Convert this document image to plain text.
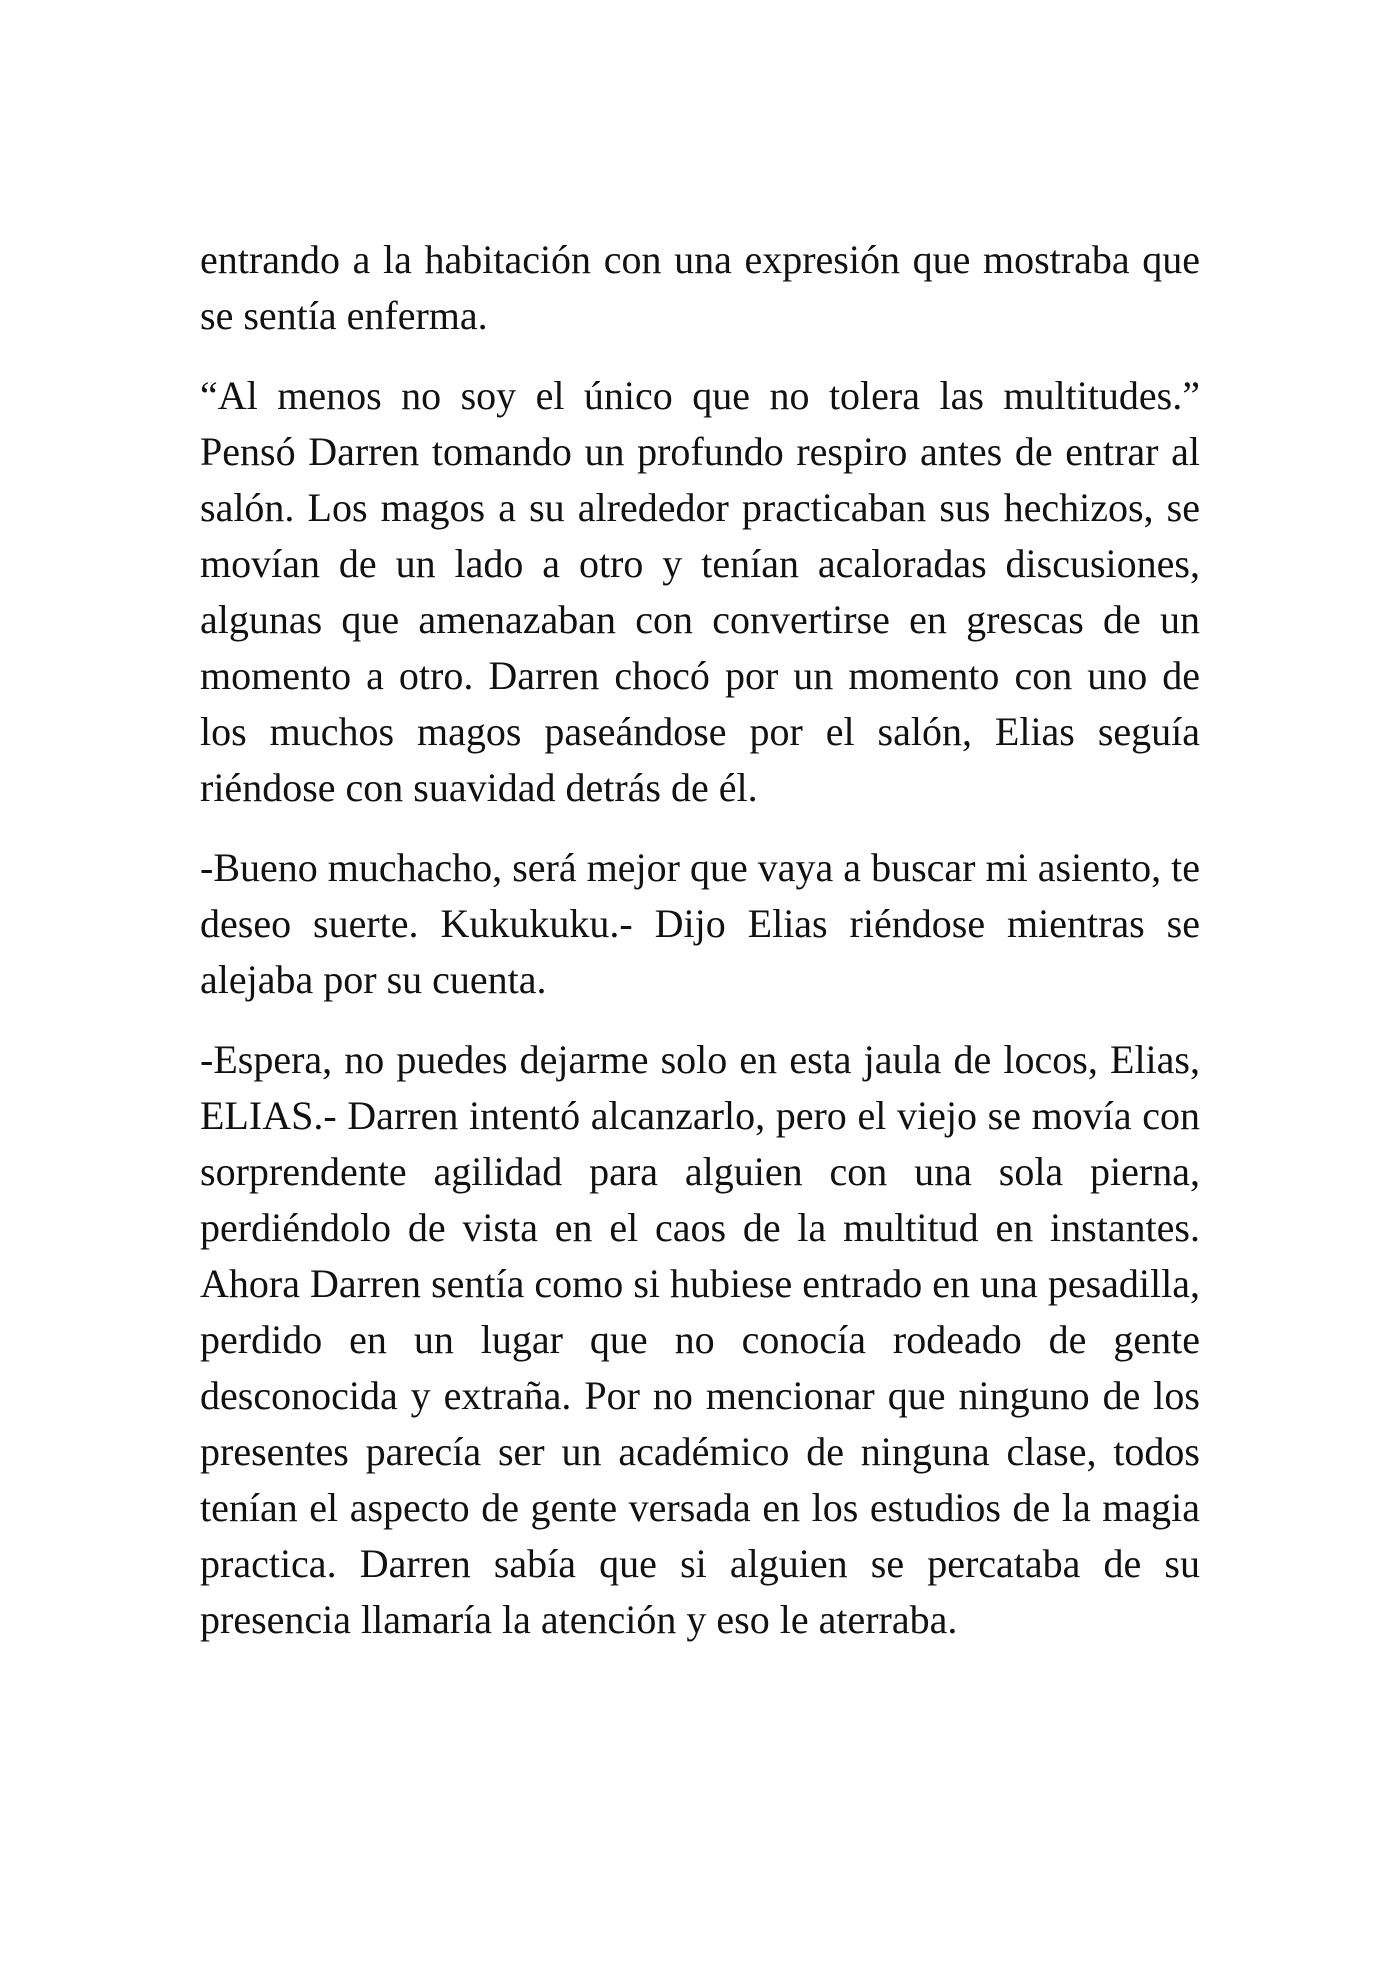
entrando a la habitación con una expresión que mostraba que se sentía enferma.

“Al menos no soy el único que no tolera las multitudes.” Pensó Darren tomando un profundo respiro antes de entrar al salón. Los magos a su alrededor practicaban sus hechizos, se movían de un lado a otro y tenían acaloradas discusiones, algunas que amenazaban con convertirse en grescas de un momento a otro. Darren chocó por un momento con uno de los muchos magos paseándose por el salón, Elias seguía riéndose con suavidad detrás de él.

-Bueno muchacho, será mejor que vaya a buscar mi asiento, te deseo suerte. Kukukuku.- Dijo Elias riéndose mientras se alejaba por su cuenta.

-Espera, no puedes dejarme solo en esta jaula de locos, Elias, ELIAS.- Darren intentó alcanzarlo, pero el viejo se movía con sorprendente agilidad para alguien con una sola pierna, perdiéndolo de vista en el caos de la multitud en instantes. Ahora Darren sentía como si hubiese entrado en una pesadilla, perdido en un lugar que no conocía rodeado de gente desconocida y extraña. Por no mencionar que ninguno de los presentes parecía ser un académico de ninguna clase, todos tenían el aspecto de gente versada en los estudios de la magia practica. Darren sabía que si alguien se percataba de su presencia llamaría la atención y eso le aterraba.
